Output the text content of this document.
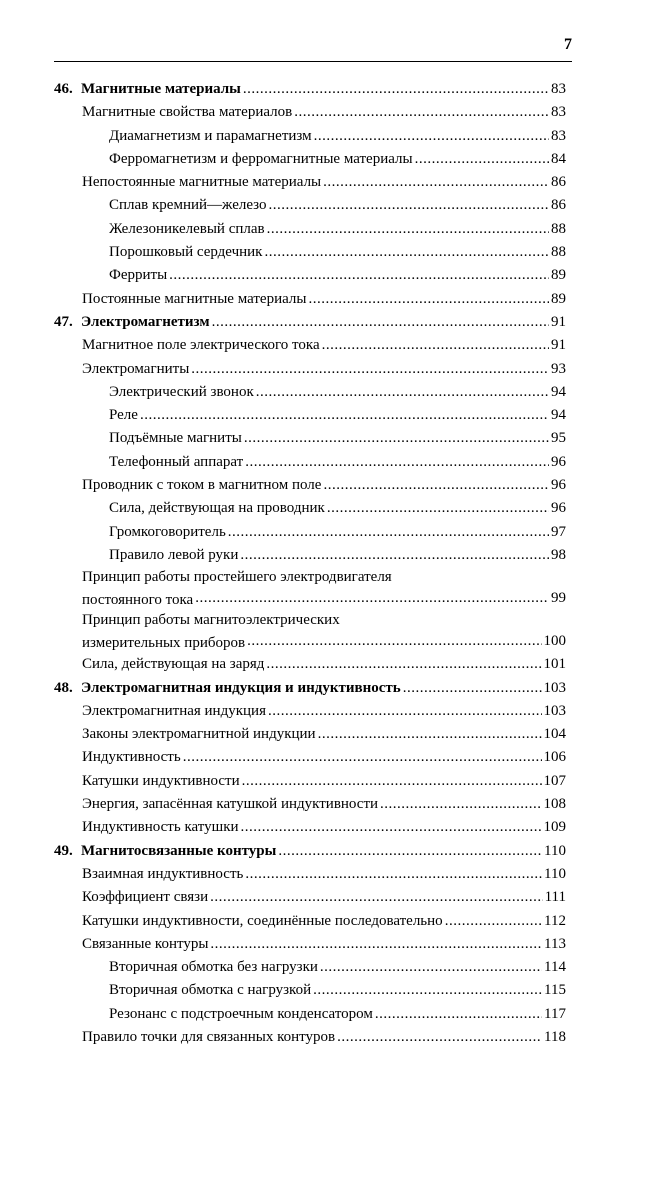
7
46. Магнитные материалы .....	83
Магнитные свойства материалов .....	83
Диамагнетизм и парамагнетизм .....	83
Ферромагнетизм и ферромагнитные материалы .....	84
Непостоянные магнитные материалы .....	86
Сплав кремний—железо .....	86
Железоникелевый сплав .....	88
Порошковый сердечник .....	88
Ферриты .....	89
Постоянные магнитные материалы .....	89
47. Электромагнетизм .....	91
Магнитное поле электрического тока .....	91
Электромагниты .....	93
Электрический звонок .....	94
Реле .....	94
Подъёмные магниты .....	95
Телефонный аппарат .....	96
Проводник с током в магнитном поле .....	96
Сила, действующая на проводник .....	96
Громкоговоритель .....	97
Правило левой руки .....	98
Принцип работы простейшего электродвигателя
постоянного тока .....	99
Принцип работы магнитоэлектрических
измерительных приборов .....	100
Сила, действующая на заряд .....	101
48. Электромагнитная индукция и индуктивность .....	103
Электромагнитная индукция .....	103
Законы электромагнитной индукции .....	104
Индуктивность .....	106
Катушки индуктивности .....	107
Энергия, запасённая катушкой индуктивности .....	108
Индуктивность катушки .....	109
49. Магнитосвязанные контуры .....	110
Взаимная индуктивность .....	110
Коэффициент связи .....	111
Катушки индуктивности, соединённые последовательно .....	112
Связанные контуры .....	113
Вторичная обмотка без нагрузки .....	114
Вторичная обмотка с нагрузкой .....	115
Резонанс с подстроечным конденсатором .....	117
Правило точки для связанных контуров .....	118
